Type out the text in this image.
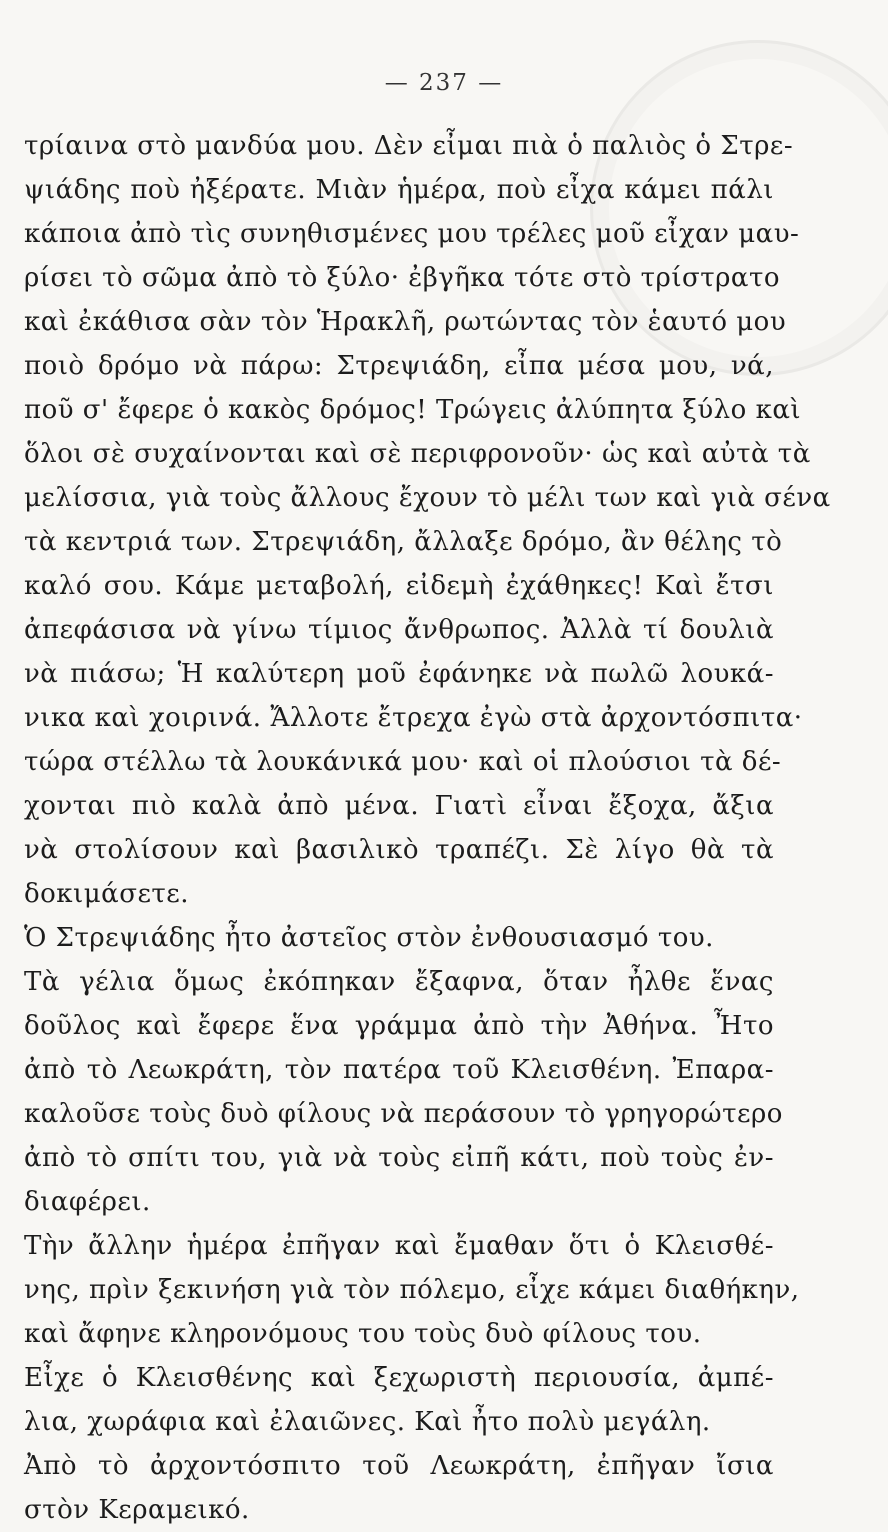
— 237 —
τρίαινα στὸ μανδύα μου. Δὲν εἶμαι πιὰ ὁ παλιὸς ὁ Στρε-
ψιάδης ποὺ ἠξέρατε. Μιὰν ἡμέρα, ποὺ εἶχα κάμει πάλι
κάποια ἀπὸ τὶς συνηθισμένες μου τρέλες μοῦ εἶχαν μαυ-
ρίσει τὸ σῶμα ἀπὸ τὸ ξύλο· ἐβγῆκα τότε στὸ τρίστρατο
καὶ ἐκάθισα σὰν τὸν Ἡρακλῆ, ρωτώντας τὸν ἑαυτό μου
ποιὸ δρόμο νὰ πάρω: Στρεψιάδη, εἶπα μέσα μου, νά,
ποῦ σ' ἔφερε ὁ κακὸς δρόμος! Τρώγεις ἀλύπητα ξύλο καὶ
ὅλοι σὲ συχαίνονται καὶ σὲ περιφρονοῦν· ὡς καὶ αὐτὰ τὰ
μελίσσια, γιὰ τοὺς ἄλλους ἔχουν τὸ μέλι των καὶ γιὰ σένα
τὰ κεντριά των. Στρεψιάδη, ἄλλαξε δρόμο, ἂν θέλης τὸ
καλό σου. Κάμε μεταβολή, εἰδεμὴ ἐχάθηκες! Καὶ ἔτσι
ἀπεφάσισα νὰ γίνω τίμιος ἄνθρωπος. Ἀλλὰ τί δουλιὰ
νὰ πιάσω; Ἡ καλύτερη μοῦ ἐφάνηκε νὰ πωλῶ λουκά-
νικα καὶ χοιρινά. Ἄλλοτε ἔτρεχα ἐγὼ στὰ ἀρχοντόσπιτα·
τώρα στέλλω τὰ λουκάνικά μου· καὶ οἱ πλούσιοι τὰ δέ-
χονται πιὸ καλὰ ἀπὸ μένα. Γιατὶ εἶναι ἔξοχα, ἄξια
νὰ στολίσουν καὶ βασιλικὸ τραπέζι. Σὲ λίγο θὰ τὰ
δοκιμάσετε.
Ὁ Στρεψιάδης ἦτο ἀστεῖος στὸν ἐνθουσιασμό του.
Τὰ γέλια ὅμως ἐκόπηκαν ἔξαφνα, ὅταν ἦλθε ἕνας
δοῦλος καὶ ἔφερε ἕνα γράμμα ἀπὸ τὴν Ἀθήνα. Ἦτο
ἀπὸ τὸ Λεωκράτη, τὸν πατέρα τοῦ Κλεισθένη. Ἐπαρα-
καλοῦσε τοὺς δυὸ φίλους νὰ περάσουν τὸ γρηγορώτερο
ἀπὸ τὸ σπίτι του, γιὰ νὰ τοὺς εἰπῆ κάτι, ποὺ τοὺς ἐν-
διαφέρει.
Τὴν ἄλλην ἡμέρα ἐπῆγαν καὶ ἔμαθαν ὅτι ὁ Κλεισθέ-
νης, πρὶν ξεκινήση γιὰ τὸν πόλεμο, εἶχε κάμει διαθήκην,
καὶ ἄφηνε κληρονόμους του τοὺς δυὸ φίλους του.
Εἶχε ὁ Κλεισθένης καὶ ξεχωριστὴ περιουσία, ἀμπέ-
λια, χωράφια καὶ ἐλαιῶνες. Καὶ ἦτο πολὺ μεγάλη.
Ἀπὸ τὸ ἀρχοντόσπιτο τοῦ Λεωκράτη, ἐπῆγαν ἴσια
στὸν Κεραμεικό.
